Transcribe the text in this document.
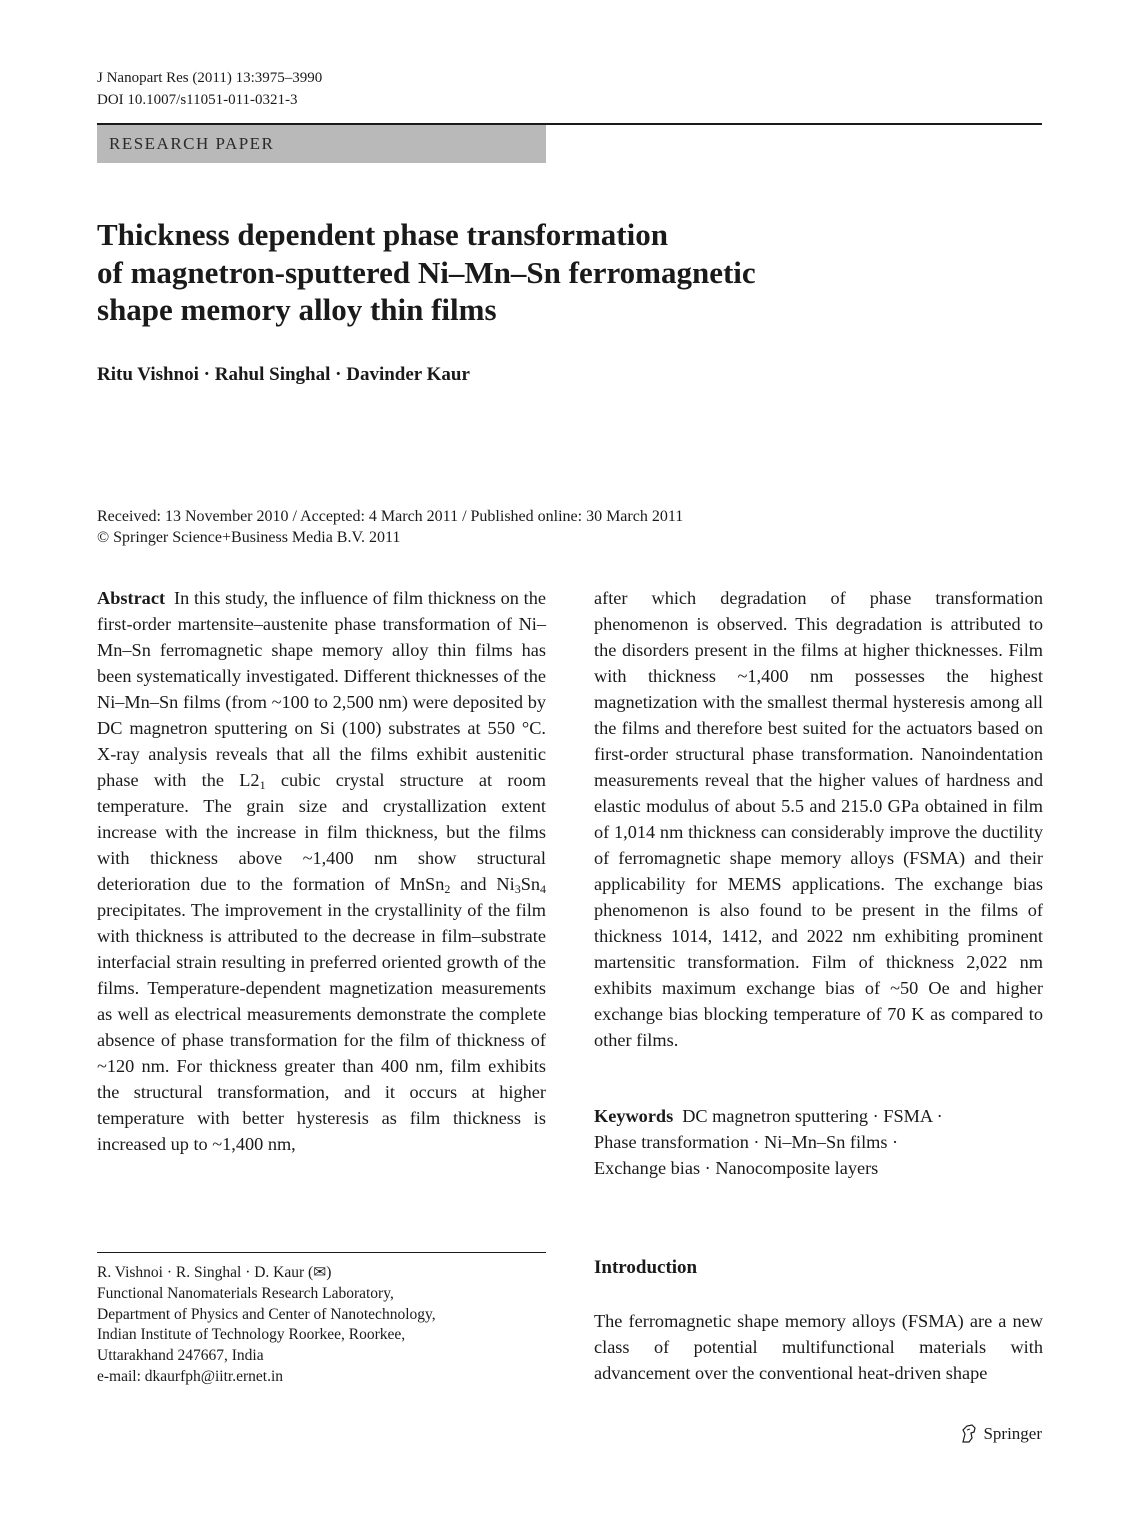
J Nanopart Res (2011) 13:3975–3990
DOI 10.1007/s11051-011-0321-3
RESEARCH PAPER
Thickness dependent phase transformation
of magnetron-sputtered Ni–Mn–Sn ferromagnetic
shape memory alloy thin films
Ritu Vishnoi · Rahul Singhal · Davinder Kaur
Received: 13 November 2010 / Accepted: 4 March 2011 / Published online: 30 March 2011
© Springer Science+Business Media B.V. 2011

Abstract In this study, the influence of film thickness on the first-order martensite–austenite phase transformation of Ni–Mn–Sn ferromagnetic shape memory alloy thin films has been systematically investigated. Different thicknesses of the Ni–Mn–Sn films (from ~100 to 2,500 nm) were deposited by DC magnetron sputtering on Si (100) substrates at 550 °C. X-ray analysis reveals that all the films exhibit austenitic phase with the $L2_1$ cubic crystal structure at room temperature. The grain size and crystallization extent increase with the increase in film thickness, but the films with thickness above ~1,400 nm show structural deterioration due to the formation of MnSn$_2$ and $Ni_3Sn_4$ precipitates. The improvement in the crystallinity of the film with thickness is attributed to the decrease in film–substrate interfacial strain resulting in preferred oriented growth of the films. Temperature-dependent magnetization measurements as well as electrical measurements demonstrate the complete absence of phase transformation for the film of thickness of ~120 nm. For thickness greater than 400 nm, film exhibits the structural transformation, and it occurs at higher temperature with better hysteresis as film thickness is increased up to ~1,400 nm,

after which degradation of phase transformation phenomenon is observed. This degradation is attributed to the disorders present in the films at higher thicknesses. Film with thickness ~1,400 nm possesses the highest magnetization with the smallest thermal hysteresis among all the films and therefore best suited for the actuators based on first-order structural phase transformation. Nanoindentation measurements reveal that the higher values of hardness and elastic modulus of about 5.5 and 215.0 GPa obtained in film of 1,014 nm thickness can considerably improve the ductility of ferromagnetic shape memory alloys (FSMA) and their applicability for MEMS applications. The exchange bias phenomenon is also found to be present in the films of thickness 1014, 1412, and 2022 nm exhibiting prominent martensitic transformation. Film of thickness 2,022 nm exhibits maximum exchange bias of ~50 Oe and higher exchange bias blocking temperature of 70 K as compared to other films.

Keywords DC magnetron sputtering · FSMA ·
Phase transformation · Ni–Mn–Sn films ·
Exchange bias · Nanocomposite layers
R. Vishnoi · R. Singhal · D. Kaur (✉)
Functional Nanomaterials Research Laboratory,
Department of Physics and Center of Nanotechnology,
Indian Institute of Technology Roorkee, Roorkee,
Uttarakhand 247667, India
e-mail: dkaurfph@iitr.ernet.in
Introduction
The ferromagnetic shape memory alloys (FSMA) are a new class of potential multifunctional materials with advancement over the conventional heat-driven shape
Springer
